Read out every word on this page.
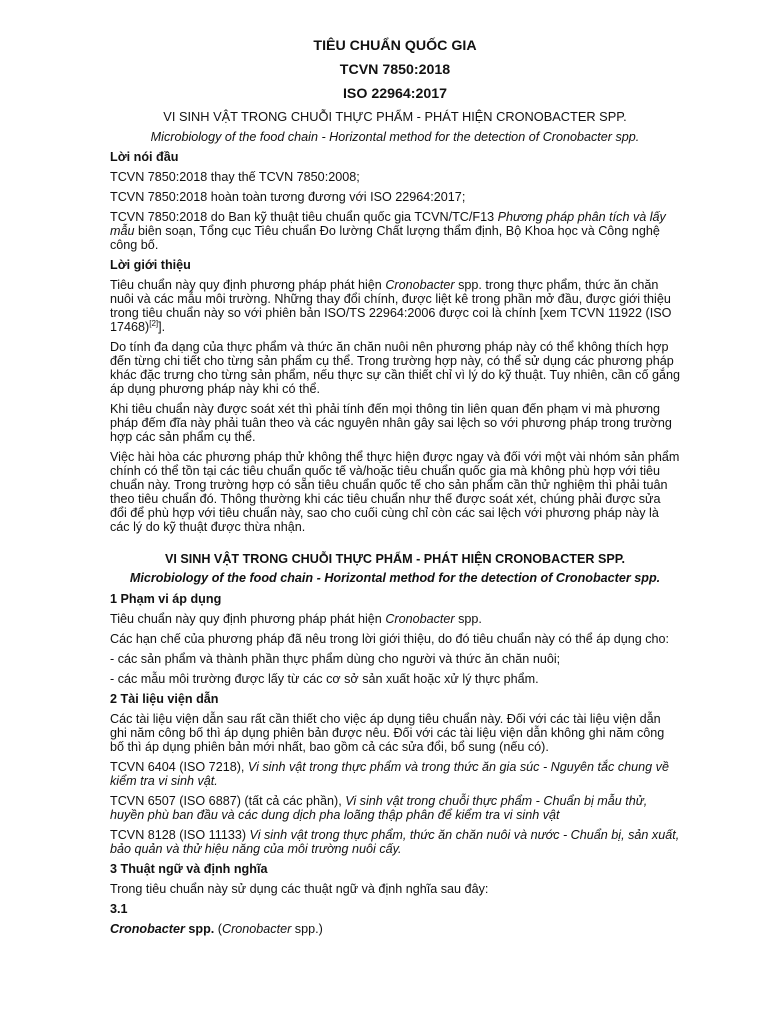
TIÊU CHUẨN QUỐC GIA
TCVN 7850:2018
ISO 22964:2017
VI SINH VẬT TRONG CHUỖI THỰC PHẨM - PHÁT HIỆN CRONOBACTER SPP.
Microbiology of the food chain - Horizontal method for the detection of Cronobacter spp.
Lời nói đầu

TCVN 7850:2018 thay thế TCVN 7850:2008;

TCVN 7850:2018 hoàn toàn tương đương với ISO 22964:2017;

TCVN 7850:2018 do Ban kỹ thuật tiêu chuẩn quốc gia TCVN/TC/F13 Phương pháp phân tích và lấy mẫu biên soạn, Tổng cục Tiêu chuẩn Đo lường Chất lượng thẩm định, Bộ Khoa học và Công nghệ công bố.

Lời giới thiệu

Tiêu chuẩn này quy định phương pháp phát hiện Cronobacter spp. trong thực phẩm, thức ăn chăn nuôi và các mẫu môi trường. Những thay đổi chính, được liệt kê trong phần mở đầu, được giới thiệu trong tiêu chuẩn này so với phiên bản ISO/TS 22964:2006 được coi là chính [xem TCVN 11922 (ISO 17468)[2]].

Do tính đa dạng của thực phẩm và thức ăn chăn nuôi nên phương pháp này có thể không thích hợp đến từng chi tiết cho từng sản phẩm cụ thể. Trong trường hợp này, có thể sử dụng các phương pháp khác đặc trưng cho từng sản phẩm, nếu thực sự cần thiết chỉ vì lý do kỹ thuật. Tuy nhiên, cần cố gắng áp dụng phương pháp này khi có thể.

Khi tiêu chuẩn này được soát xét thì phải tính đến mọi thông tin liên quan đến phạm vi mà phương pháp đếm đĩa này phải tuân theo và các nguyên nhân gây sai lệch so với phương pháp trong trường hợp các sản phẩm cụ thể.

Việc hài hòa các phương pháp thử không thể thực hiện được ngay và đối với một vài nhóm sản phẩm chính có thể tồn tại các tiêu chuẩn quốc tế và/hoặc tiêu chuẩn quốc gia mà không phù hợp với tiêu chuẩn này. Trong trường hợp có sẵn tiêu chuẩn quốc tế cho sản phẩm cần thử nghiệm thì phải tuân theo tiêu chuẩn đó. Thông thường khi các tiêu chuẩn như thế được soát xét, chúng phải được sửa đổi để phù hợp với tiêu chuẩn này, sao cho cuối cùng chỉ còn các sai lệch với phương pháp này là các lý do kỹ thuật được thừa nhận.

VI SINH VẬT TRONG CHUỖI THỰC PHẨM - PHÁT HIỆN CRONOBACTER SPP.
Microbiology of the food chain - Horizontal method for the detection of Cronobacter spp.
1 Phạm vi áp dụng

Tiêu chuẩn này quy định phương pháp phát hiện Cronobacter spp.

Các hạn chế của phương pháp đã nêu trong lời giới thiệu, do đó tiêu chuẩn này có thể áp dụng cho:

- các sản phẩm và thành phần thực phẩm dùng cho người và thức ăn chăn nuôi;

- các mẫu môi trường được lấy từ các cơ sở sản xuất hoặc xử lý thực phẩm.

2 Tài liệu viện dẫn

Các tài liệu viện dẫn sau rất cần thiết cho việc áp dụng tiêu chuẩn này. Đối với các tài liệu viện dẫn ghi năm công bố thì áp dụng phiên bản được nêu. Đối với các tài liệu viện dẫn không ghi năm công bố thì áp dụng phiên bản mới nhất, bao gồm cả các sửa đổi, bổ sung (nếu có).

TCVN 6404 (ISO 7218), Vi sinh vật trong thực phẩm và trong thức ăn gia súc - Nguyên tắc chung về kiểm tra vi sinh vật.

TCVN 6507 (ISO 6887) (tất cả các phần), Vi sinh vật trong chuỗi thực phẩm - Chuẩn bị mẫu thử, huyền phù ban đầu và các dung dịch pha loãng thập phân để kiểm tra vi sinh vật

TCVN 8128 (ISO 11133) Vi sinh vật trong thực phẩm, thức ăn chăn nuôi và nước - Chuẩn bị, sản xuất, bảo quản và thử hiệu năng của môi trường nuôi cấy.

3 Thuật ngữ và định nghĩa

Trong tiêu chuẩn này sử dụng các thuật ngữ và định nghĩa sau đây:

3.1

Cronobacter spp. (Cronobacter spp.)
